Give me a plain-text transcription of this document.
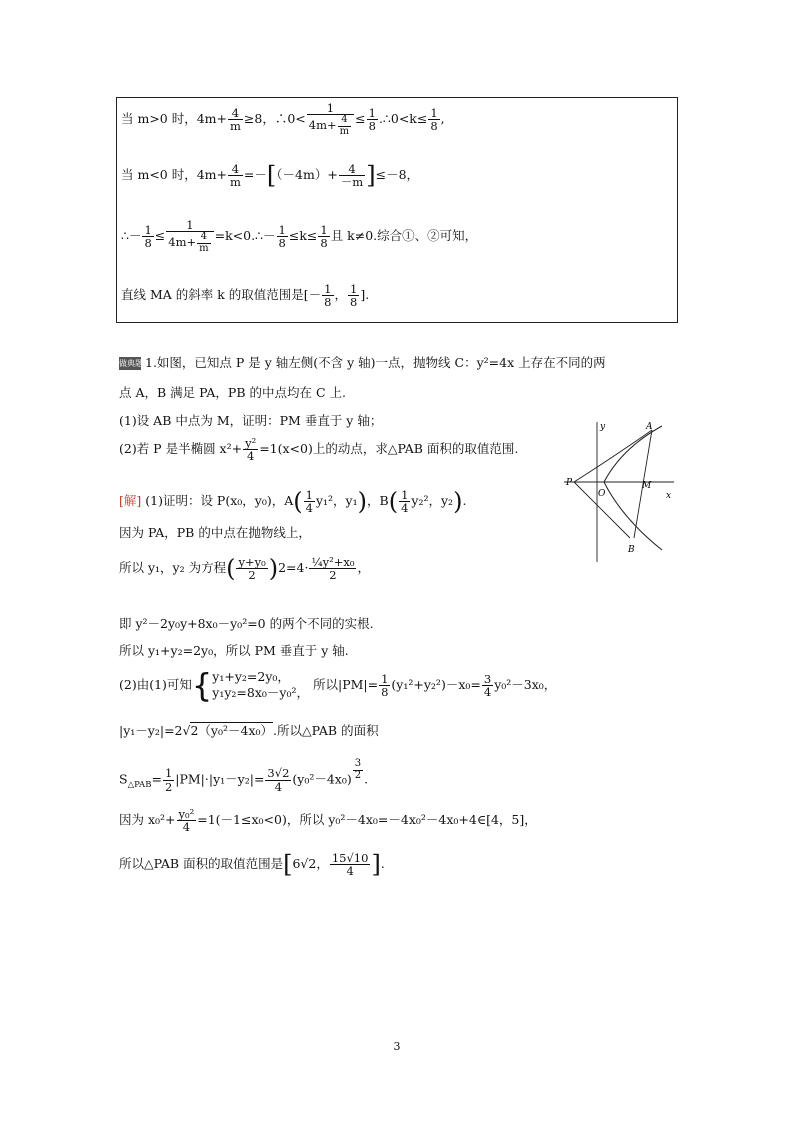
当 m>0 时，$4m+ \frac{4}{m} \ge 8$，∴0< $\frac{1}{4m+ \frac{4}{m}} \le \frac{1}{8}$ .∴0<k≤ $\frac{1}{8}$ ,
当 m<0 时，$4m+ \frac{4}{m} =-[(-4m)+ \frac{4}{-m} ]\le-8$，
∴－ $\frac{1}{8} \le \frac{1}{4m+ \frac{4}{m}}$ =k<0.∴－ $\frac{1}{8} \le k\le \frac{1}{8}$ 且 k≠0.综合①、②可知，
直线 MA 的斜率 k 的取值范围是[－ $\frac{1}{8}$ ， $\frac{1}{8}$ ].
做典题 1.如图，已知点 P 是 y 轴左侧(不含 y 轴)一点，抛物线 C：y²=4x 上存在不同的两
点 A，B 满足 PA，PB 的中点均在 C 上.
(1)设 AB 中点为 M，证明：PM 垂直于 y 轴；
(2)若 P 是半椭圆 $x^2+ \frac{\text{y²}}{4} =1(x<0)$上的动点，求△PAB 面积的取值范围.
y	A
P
O
M
x
B
[解] (1)证明：设 P(x₀，y₀)，$A( \frac{1}{4} y_1^2$，y₁)，$B( \frac{1}{4} y_2^2$，y₂).
因为 PA，PB 的中点在抛物线上，
所以 y₁，y₂ 为方程( $\frac{\text{y+y₀}}{2} )2=4\cdot \frac{\text{¼y²+x₀}}{2}$ ，
即 y²－2y₀y+8x₀－y₀²=0 的两个不同的实根.
所以 y₁+y₂=2y₀，所以 PM 垂直于 y 轴.
(2)由(1)可知{ y₁+y₂=2y₀，
y₁y₂=8x₀－y₀²，
所以$|PM|= \frac{1}{8} (y_1^2+y_2^2)-x_0= \frac{3}{4} y_0^2-3x_0$，
|y₁－y₂|=2√2（y₀²－4x₀）.所以△PAB 的面积
$S_{\triangle PAB}= \frac{1}{2} |PM|\cdot|y_1-y_2|= \frac{3√2}{4} (y_0^2-4x_0) \frac{3}{2}$ .
因为 $x_0^2+ \frac{\text{y₀²}}{4} =1(-1\le x_0<0)$，所以 y₀²－4x₀=－4x₀²－4x₀+4∈[4，5]，
所以△PAB 面积的取值范围是[6√2， $\frac{15√10}{4}$ ].
3
